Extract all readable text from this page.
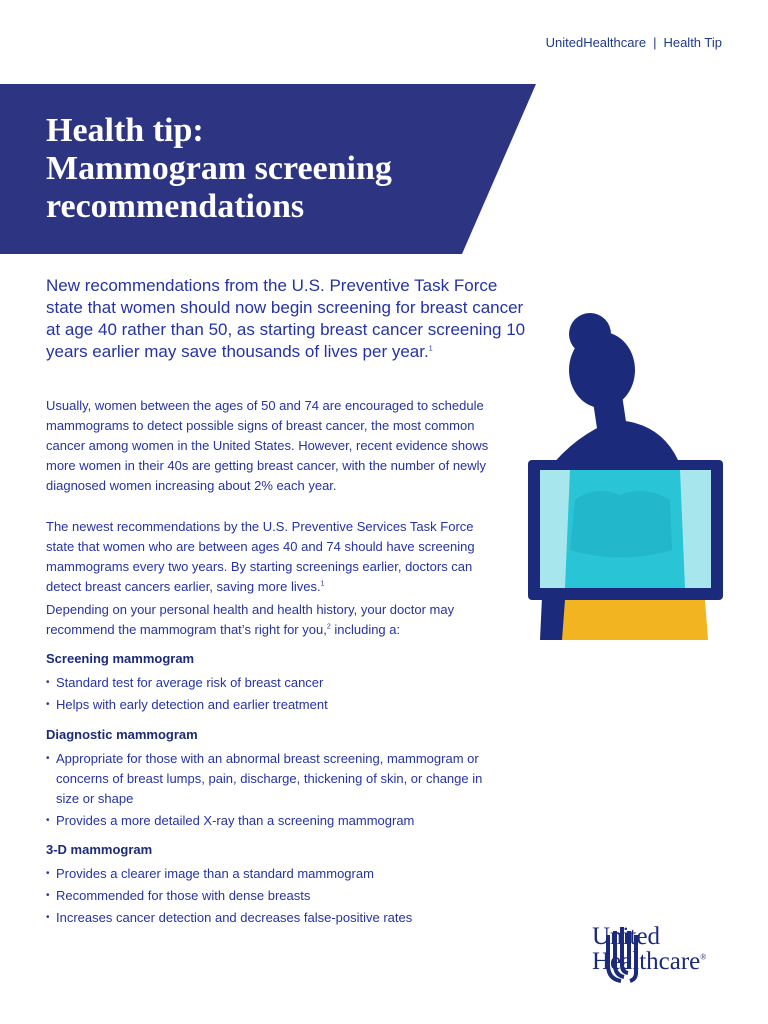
UnitedHealthcare | Health Tip
Health tip:
Mammogram screening
recommendations
New recommendations from the U.S. Preventive Task Force state that women should now begin screening for breast cancer at age 40 rather than 50, as starting breast cancer screening 10 years earlier may save thousands of lives per year.$^1$
Usually, women between the ages of 50 and 74 are encouraged to schedule mammograms to detect possible signs of breast cancer, the most common cancer among women in the United States. However, recent evidence shows more women in their 40s are getting breast cancer, with the number of newly diagnosed women increasing about 2% each year.
The newest recommendations by the U.S. Preventive Services Task Force state that women who are between ages 40 and 74 should have screening mammograms every two years. By starting screenings earlier, doctors can detect breast cancers earlier, saving more lives.$^1$
Depending on your personal health and health history, your doctor may recommend the mammogram that’s right for you,$^2$ including a:
Screening mammogram
• Standard test for average risk of breast cancer
• Helps with early detection and earlier treatment
Diagnostic mammogram
• Appropriate for those with an abnormal breast screening, mammogram or concerns of breast lumps, pain, discharge, thickening of skin, or change in size or shape
• Provides a more detailed X-ray than a screening mammogram
3-D mammogram
• Provides a clearer image than a standard mammogram
• Recommended for those with dense breasts
• Increases cancer detection and decreases false-positive rates
United
Healthcare®
